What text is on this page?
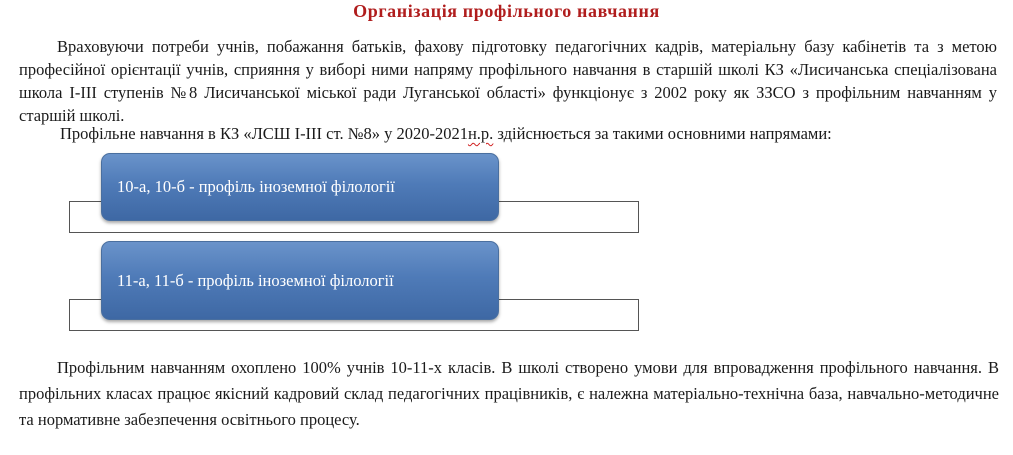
Організація профільного навчання

Враховуючи потреби учнів, побажання батьків, фахову підготовку педагогічних кадрів, матеріальну базу кабінетів та з метою професійної орієнтації учнів, сприяння у виборі ними напряму профільного навчання в старшій школі КЗ «Лисичанська спеціалізована школа І-ІІІ ступенів №8 Лисичанської міської ради Луганської області» функціонує з 2002 року як ЗЗСО з профільним навчанням у старшій школі.

Профільне навчання в КЗ «ЛСШ І-ІІІ ст. №8» у 2020-2021н.р. здійснюється за такими основними напрямами:

10-а, 10-б - профіль іноземної філології
11-а, 11-б - профіль іноземної філології

Профільним навчанням охоплено 100% учнів 10-11-х класів. В школі створено умови для впровадження профільного навчання. В профільних класах працює якісний кадровий склад педагогічних працівників, є належна матеріально-технічна база, навчально-методичне та нормативне забезпечення освітнього процесу.
